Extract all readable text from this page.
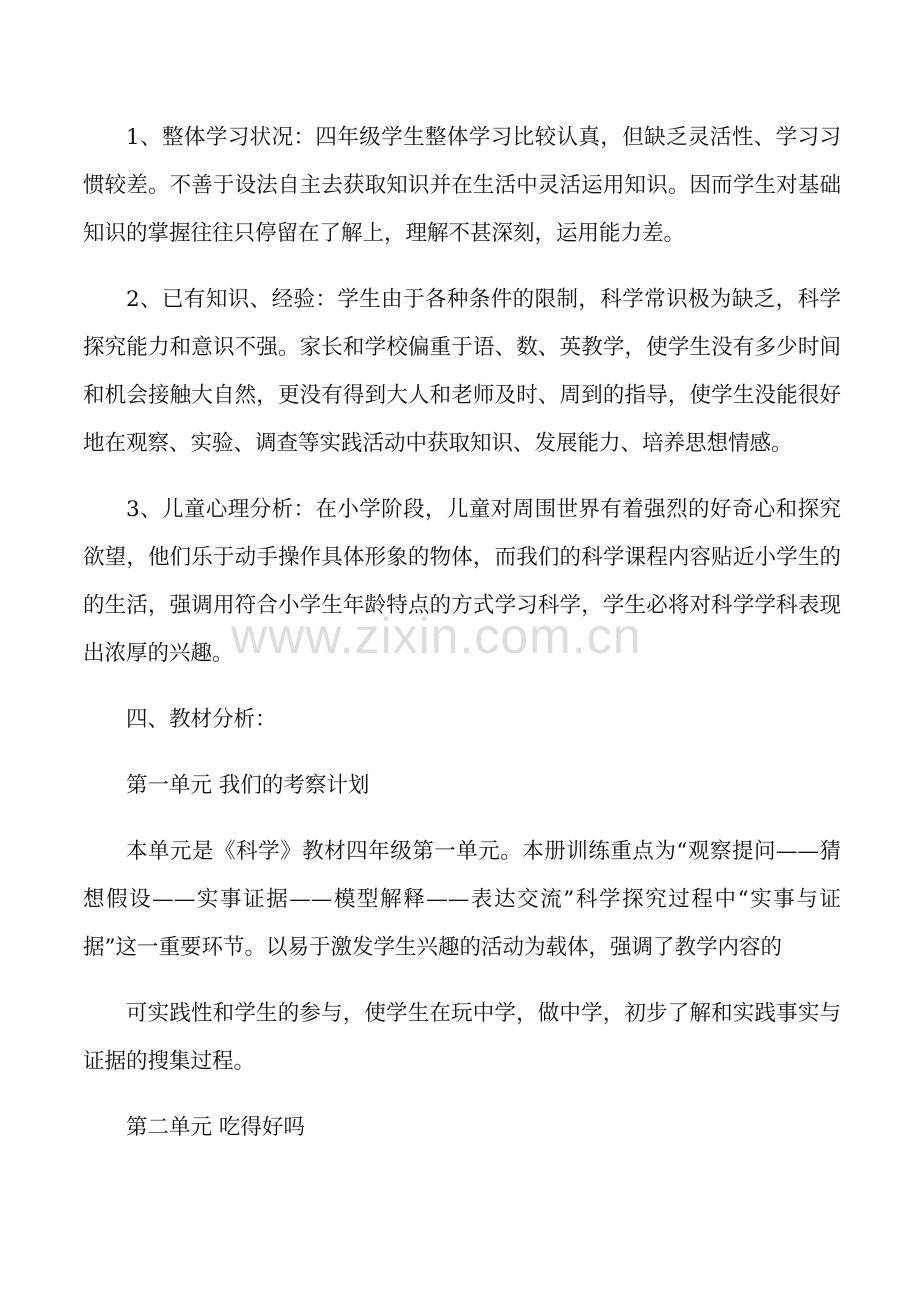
1、整体学习状况：四年级学生整体学习比较认真，但缺乏灵活性、学习习惯较差。不善于设法自主去获取知识并在生活中灵活运用知识。因而学生对基础知识的掌握往往只停留在了解上，理解不甚深刻，运用能力差。

2、已有知识、经验：学生由于各种条件的限制，科学常识极为缺乏，科学探究能力和意识不强。家长和学校偏重于语、数、英教学，使学生没有多少时间和机会接触大自然，更没有得到大人和老师及时、周到的指导，使学生没能很好地在观察、实验、调查等实践活动中获取知识、发展能力、培养思想情感。

3、儿童心理分析：在小学阶段，儿童对周围世界有着强烈的好奇心和探究欲望，他们乐于动手操作具体形象的物体，而我们的科学课程内容贴近小学生的的生活，强调用符合小学生年龄特点的方式学习科学，学生必将对科学学科表现出浓厚的兴趣。

四、教材分析：

第一单元 我们的考察计划

本单元是《科学》教材四年级第一单元。本册训练重点为“观察提问——猜想假设——实事证据——模型解释——表达交流”科学探究过程中“实事与证据”这一重要环节。以易于激发学生兴趣的活动为载体，强调了教学内容的

可实践性和学生的参与，使学生在玩中学，做中学，初步了解和实践事实与证据的搜集过程。

第二单元 吃得好吗

www.zixin.com.cn
